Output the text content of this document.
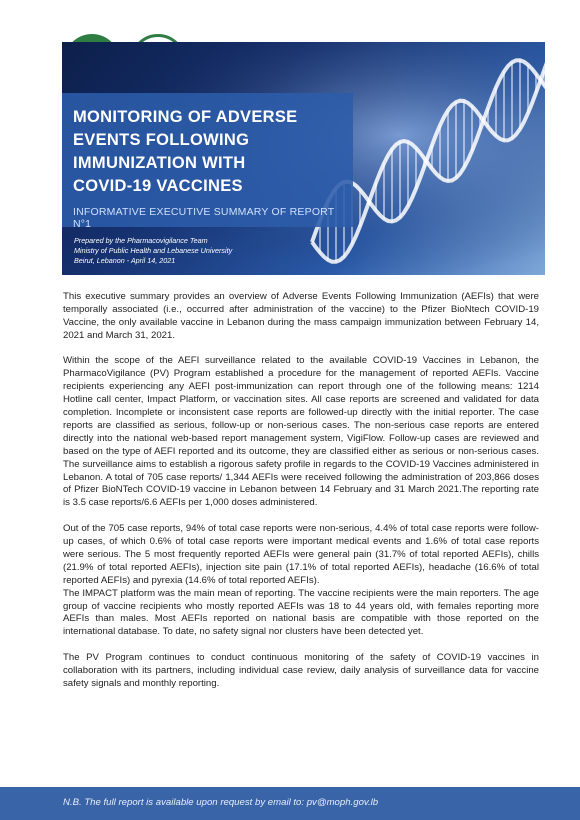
MONITORING OF ADVERSE
EVENTS FOLLOWING
IMMUNIZATION WITH
COVID-19 VACCINES
INFORMATIVE EXECUTIVE SUMMARY OF REPORT N°1
Prepared by the Pharmacovigilance Team
Ministry of Public Health and Lebanese University
Beirut, Lebanon - April 14, 2021

This executive summary provides an overview of Adverse Events Following Immunization (AEFIs) that were temporally associated (i.e., occurred after administration of the vaccine) to the Pfizer BioNtech COVID-19 Vaccine, the only available vaccine in Lebanon during the mass campaign immunization between February 14, 2021 and March 31, 2021.

Within the scope of the AEFI surveillance related to the available COVID-19 Vaccines in Lebanon, the PharmacoVigilance (PV) Program established a procedure for the management of reported AEFIs. Vaccine recipients experiencing any AEFI post-immunization can report through one of the following means: 1214 Hotline call center, Impact Platform, or vaccination sites. All case reports are screened and validated for data completion. Incomplete or inconsistent case reports are followed-up directly with the initial reporter. The case reports are classified as serious, follow-up or non-serious cases. The non-serious case reports are entered directly into the national web-based report management system, VigiFlow. Follow-up cases are reviewed and based on the type of AEFI reported and its outcome, they are classified either as serious or non-serious cases. The surveillance aims to establish a rigorous safety profile in regards to the COVID-19 Vaccines administered in Lebanon. A total of 705 case reports/ 1,344 AEFIs were received following the administration of 203,866 doses of Pfizer BioNTech COVID-19 vaccine in Lebanon between 14 February and 31 March 2021.The reporting rate is 3.5 case reports/6.6 AEFIs per 1,000 doses administered.

Out of the 705 case reports, 94% of total case reports were non-serious, 4.4% of total case reports were follow-up cases, of which 0.6% of total case reports were important medical events and 1.6% of total case reports were serious. The 5 most frequently reported AEFIs were general pain (31.7% of total reported AEFIs), chills (21.9% of total reported AEFIs), injection site pain (17.1% of total reported AEFIs), headache (16.6% of total reported AEFIs) and pyrexia (14.6% of total reported AEFIs).

The IMPACT platform was the main mean of reporting. The vaccine recipients were the main reporters. The age group of vaccine recipients who mostly reported AEFIs was 18 to 44 years old, with females reporting more AEFIs than males. Most AEFIs reported on national basis are compatible with those reported on the international database. To date, no safety signal nor clusters have been detected yet.

The PV Program continues to conduct continuous monitoring of the safety of COVID-19 vaccines in collaboration with its partners, including individual case review, daily analysis of surveillance data for vaccine safety signals and monthly reporting.

N.B. The full report is available upon request by email to: pv@moph.gov.lb
